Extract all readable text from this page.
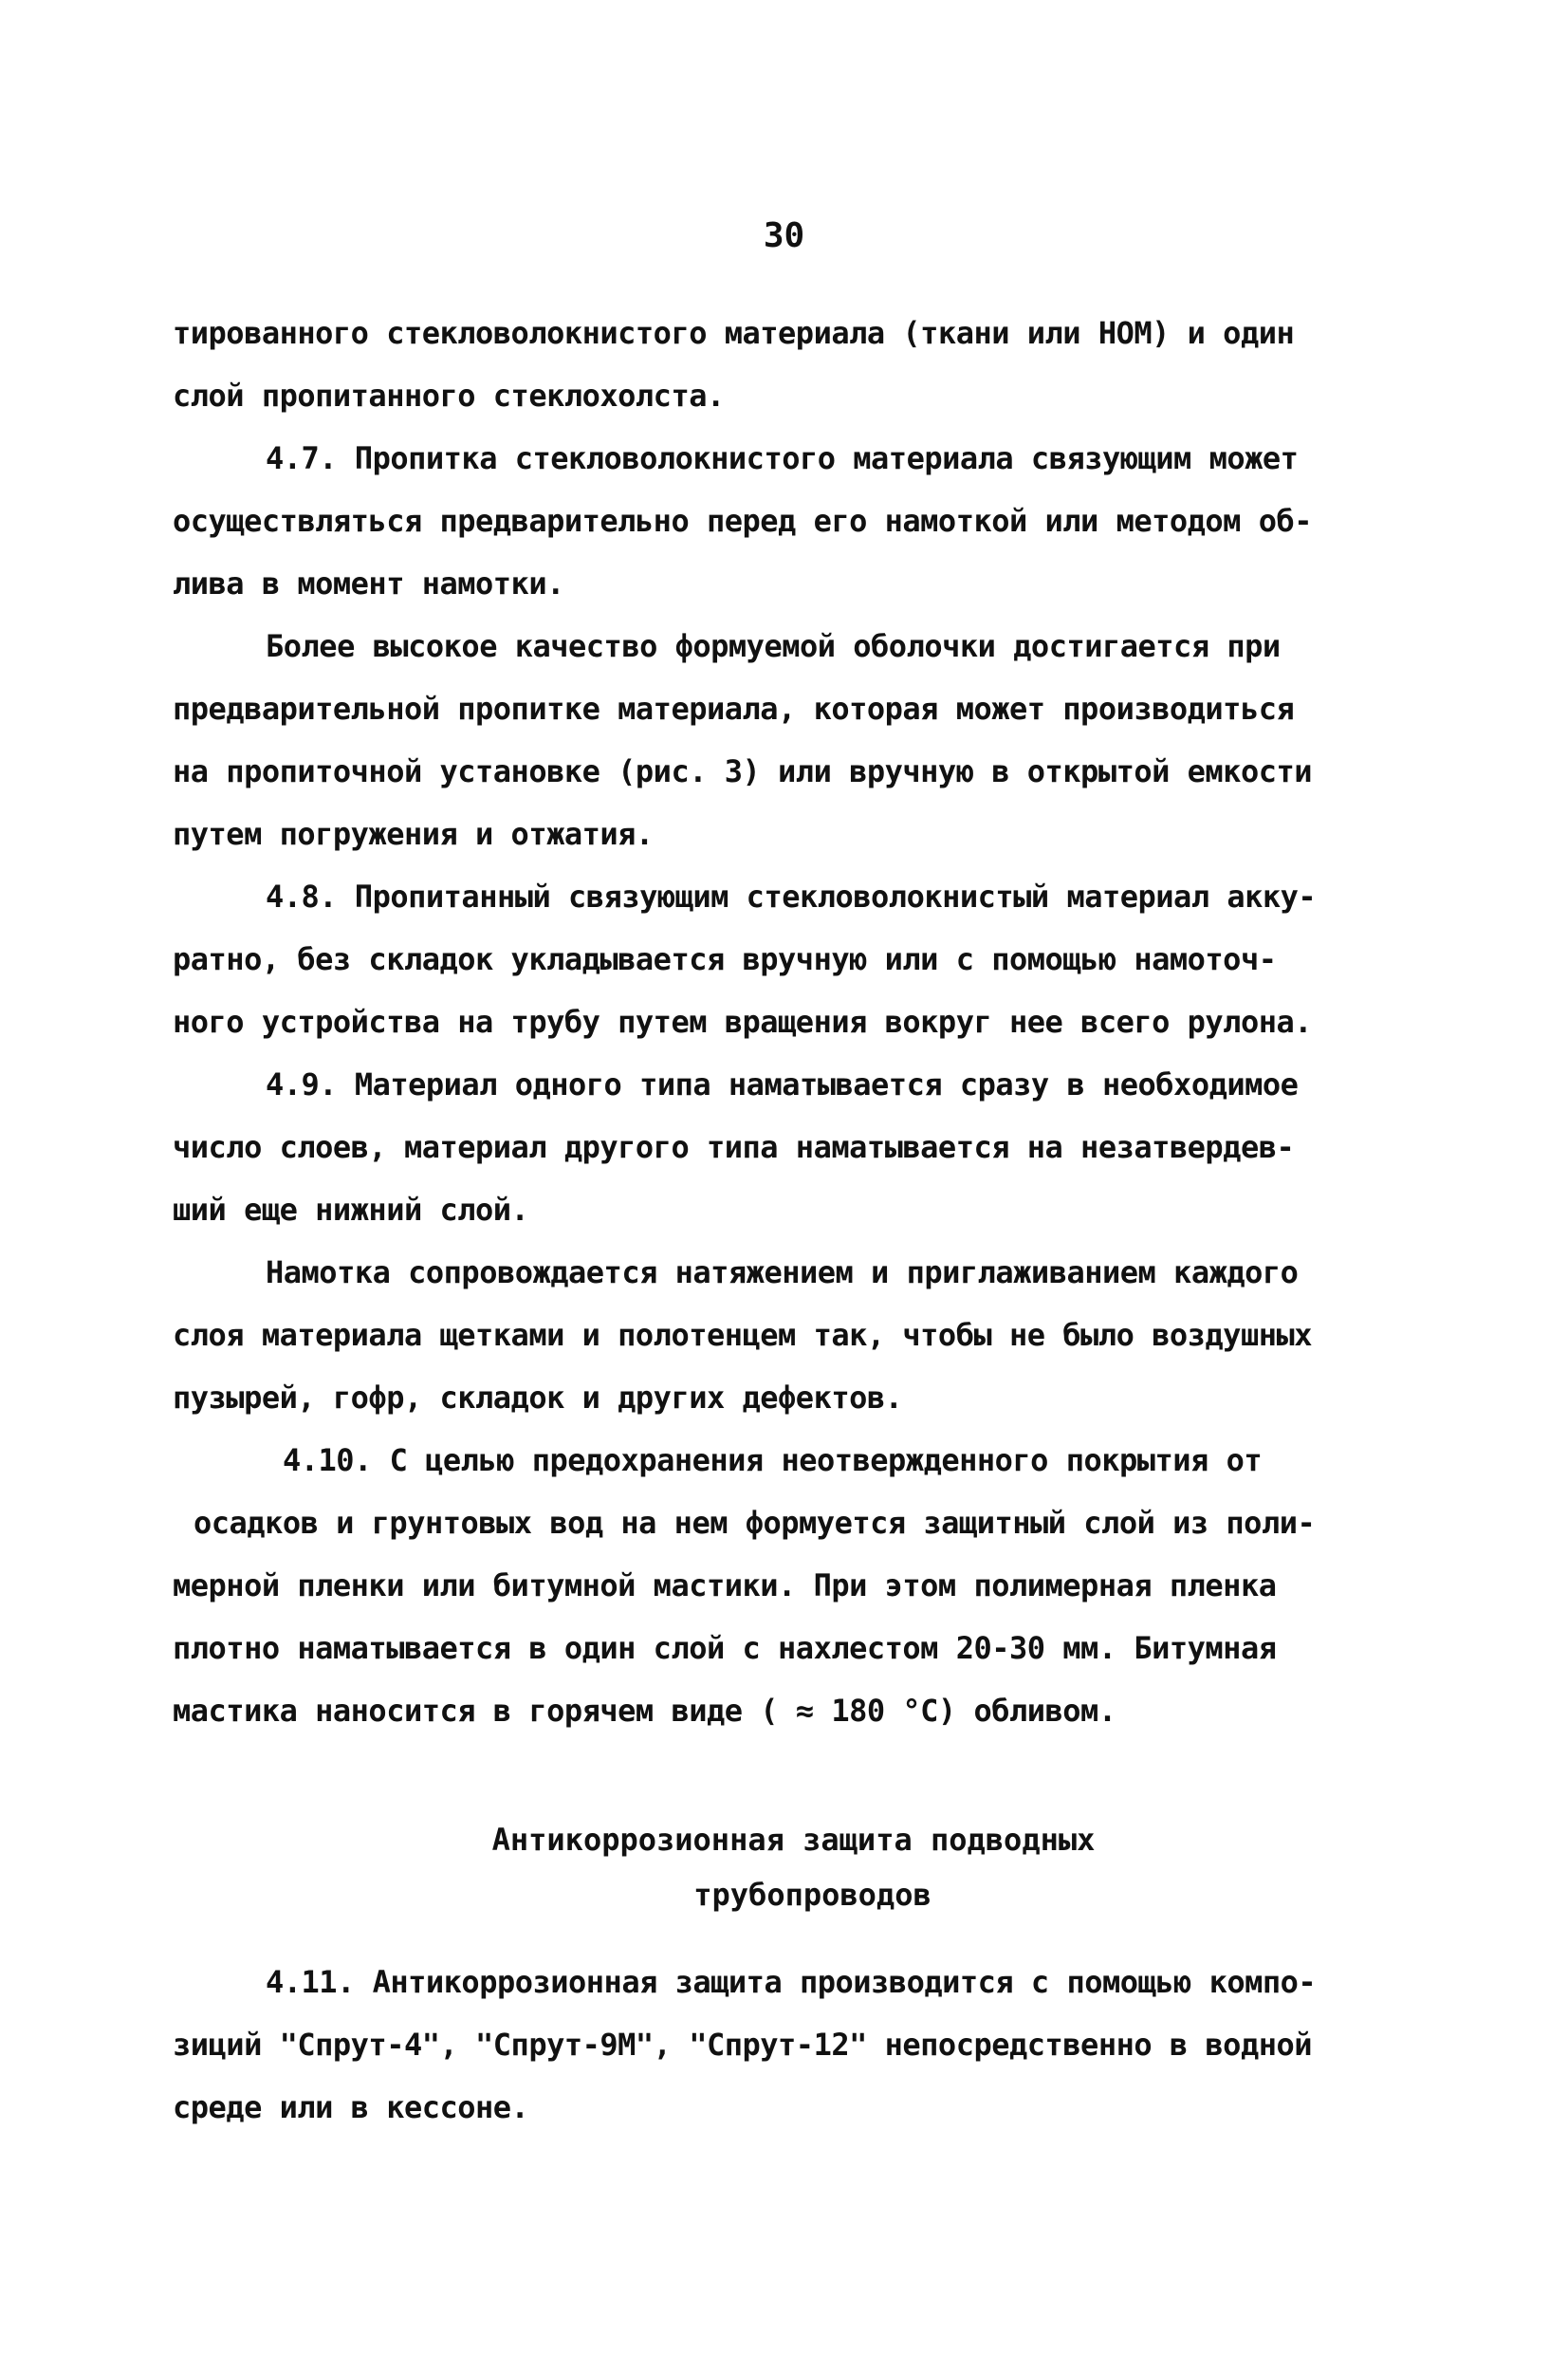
30
тированного стекловолокнистого материала (ткани или НОМ) и один
слой пропитанного стеклохолста.
4.7. Пропитка стекловолокнистого материала связующим может
осуществляться предварительно перед его намоткой или методом об-
лива в момент намотки.
Более высокое качество формуемой оболочки достигается при
предварительной пропитке материала, которая может производиться
на пропиточной установке (рис. 3) или вручную в открытой емкости
путем погружения и отжатия.
4.8. Пропитанный связующим стекловолокнистый материал акку-
ратно, без складок укладывается вручную или с помощью намоточ-
ного устройства на трубу путем вращения вокруг нее всего рулона.
4.9. Материал одного типа наматывается сразу в необходимое
число слоев, материал другого типа наматывается на незатвердев-
ший еще нижний слой.
Намотка сопровождается натяжением и приглаживанием каждого
слоя материала щетками и полотенцем так, чтобы не было воздушных
пузырей, гофр, складок и других дефектов.
4.10. С целью предохранения неотвержденного покрытия от
осадков и грунтовых вод на нем формуется защитный слой из поли-
мерной пленки или битумной мастики. При этом полимерная пленка
плотно наматывается в один слой с нахлестом 20-30 мм. Битумная
мастика наносится в горячем виде ( ≈ 180 °С) обливом.
Антикоррозионная защита подводных
трубопроводов
4.11. Антикоррозионная защита производится с помощью компо-
зиций "Спрут-4", "Спрут-9М", "Спрут-12" непосредственно в водной
среде или в кессоне.
